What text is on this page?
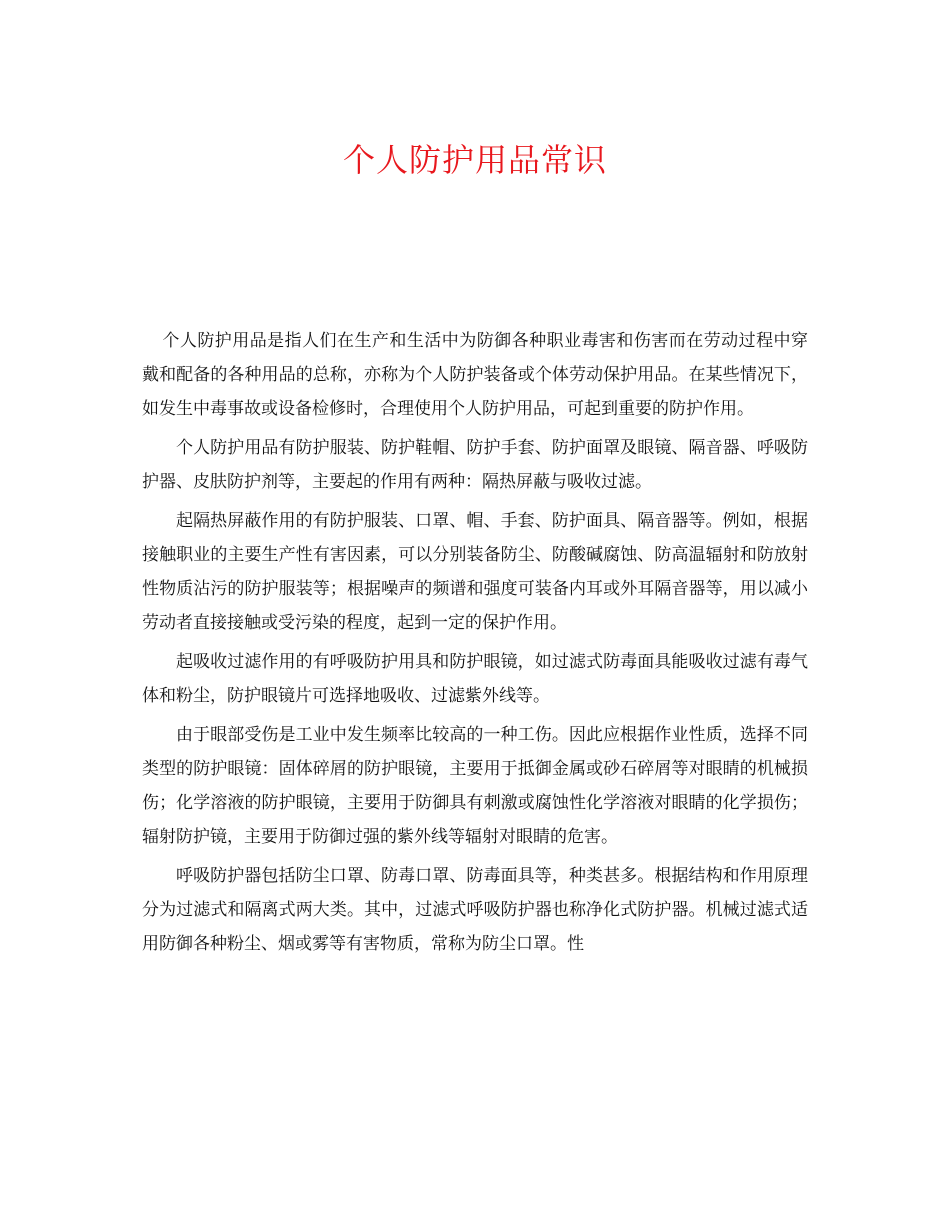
个人防护用品常识

个人防护用品是指人们在生产和生活中为防御各种职业毒害和伤害而在劳动过程中穿戴和配备的各种用品的总称，亦称为个人防护装备或个体劳动保护用品。在某些情况下，如发生中毒事故或设备检修时，合理使用个人防护用品，可起到重要的防护作用。

个人防护用品有防护服装、防护鞋帽、防护手套、防护面罩及眼镜、隔音器、呼吸防护器、皮肤防护剂等，主要起的作用有两种：隔热屏蔽与吸收过滤。

起隔热屏蔽作用的有防护服装、口罩、帽、手套、防护面具、隔音器等。例如，根据接触职业的主要生产性有害因素，可以分别装备防尘、防酸碱腐蚀、防高温辐射和防放射性物质沾污的防护服装等；根据噪声的频谱和强度可装备内耳或外耳隔音器等，用以减小劳动者直接接触或受污染的程度，起到一定的保护作用。

起吸收过滤作用的有呼吸防护用具和防护眼镜，如过滤式防毒面具能吸收过滤有毒气体和粉尘，防护眼镜片可选择地吸收、过滤紫外线等。

由于眼部受伤是工业中发生频率比较高的一种工伤。因此应根据作业性质，选择不同类型的防护眼镜：固体碎屑的防护眼镜，主要用于抵御金属或砂石碎屑等对眼睛的机械损伤；化学溶液的防护眼镜，主要用于防御具有刺激或腐蚀性化学溶液对眼睛的化学损伤；辐射防护镜，主要用于防御过强的紫外线等辐射对眼睛的危害。

呼吸防护器包括防尘口罩、防毒口罩、防毒面具等，种类甚多。根据结构和作用原理分为过滤式和隔离式两大类。其中，过滤式呼吸防护器也称净化式防护器。机械过滤式适用防御各种粉尘、烟或雾等有害物质，常称为防尘口罩。性
